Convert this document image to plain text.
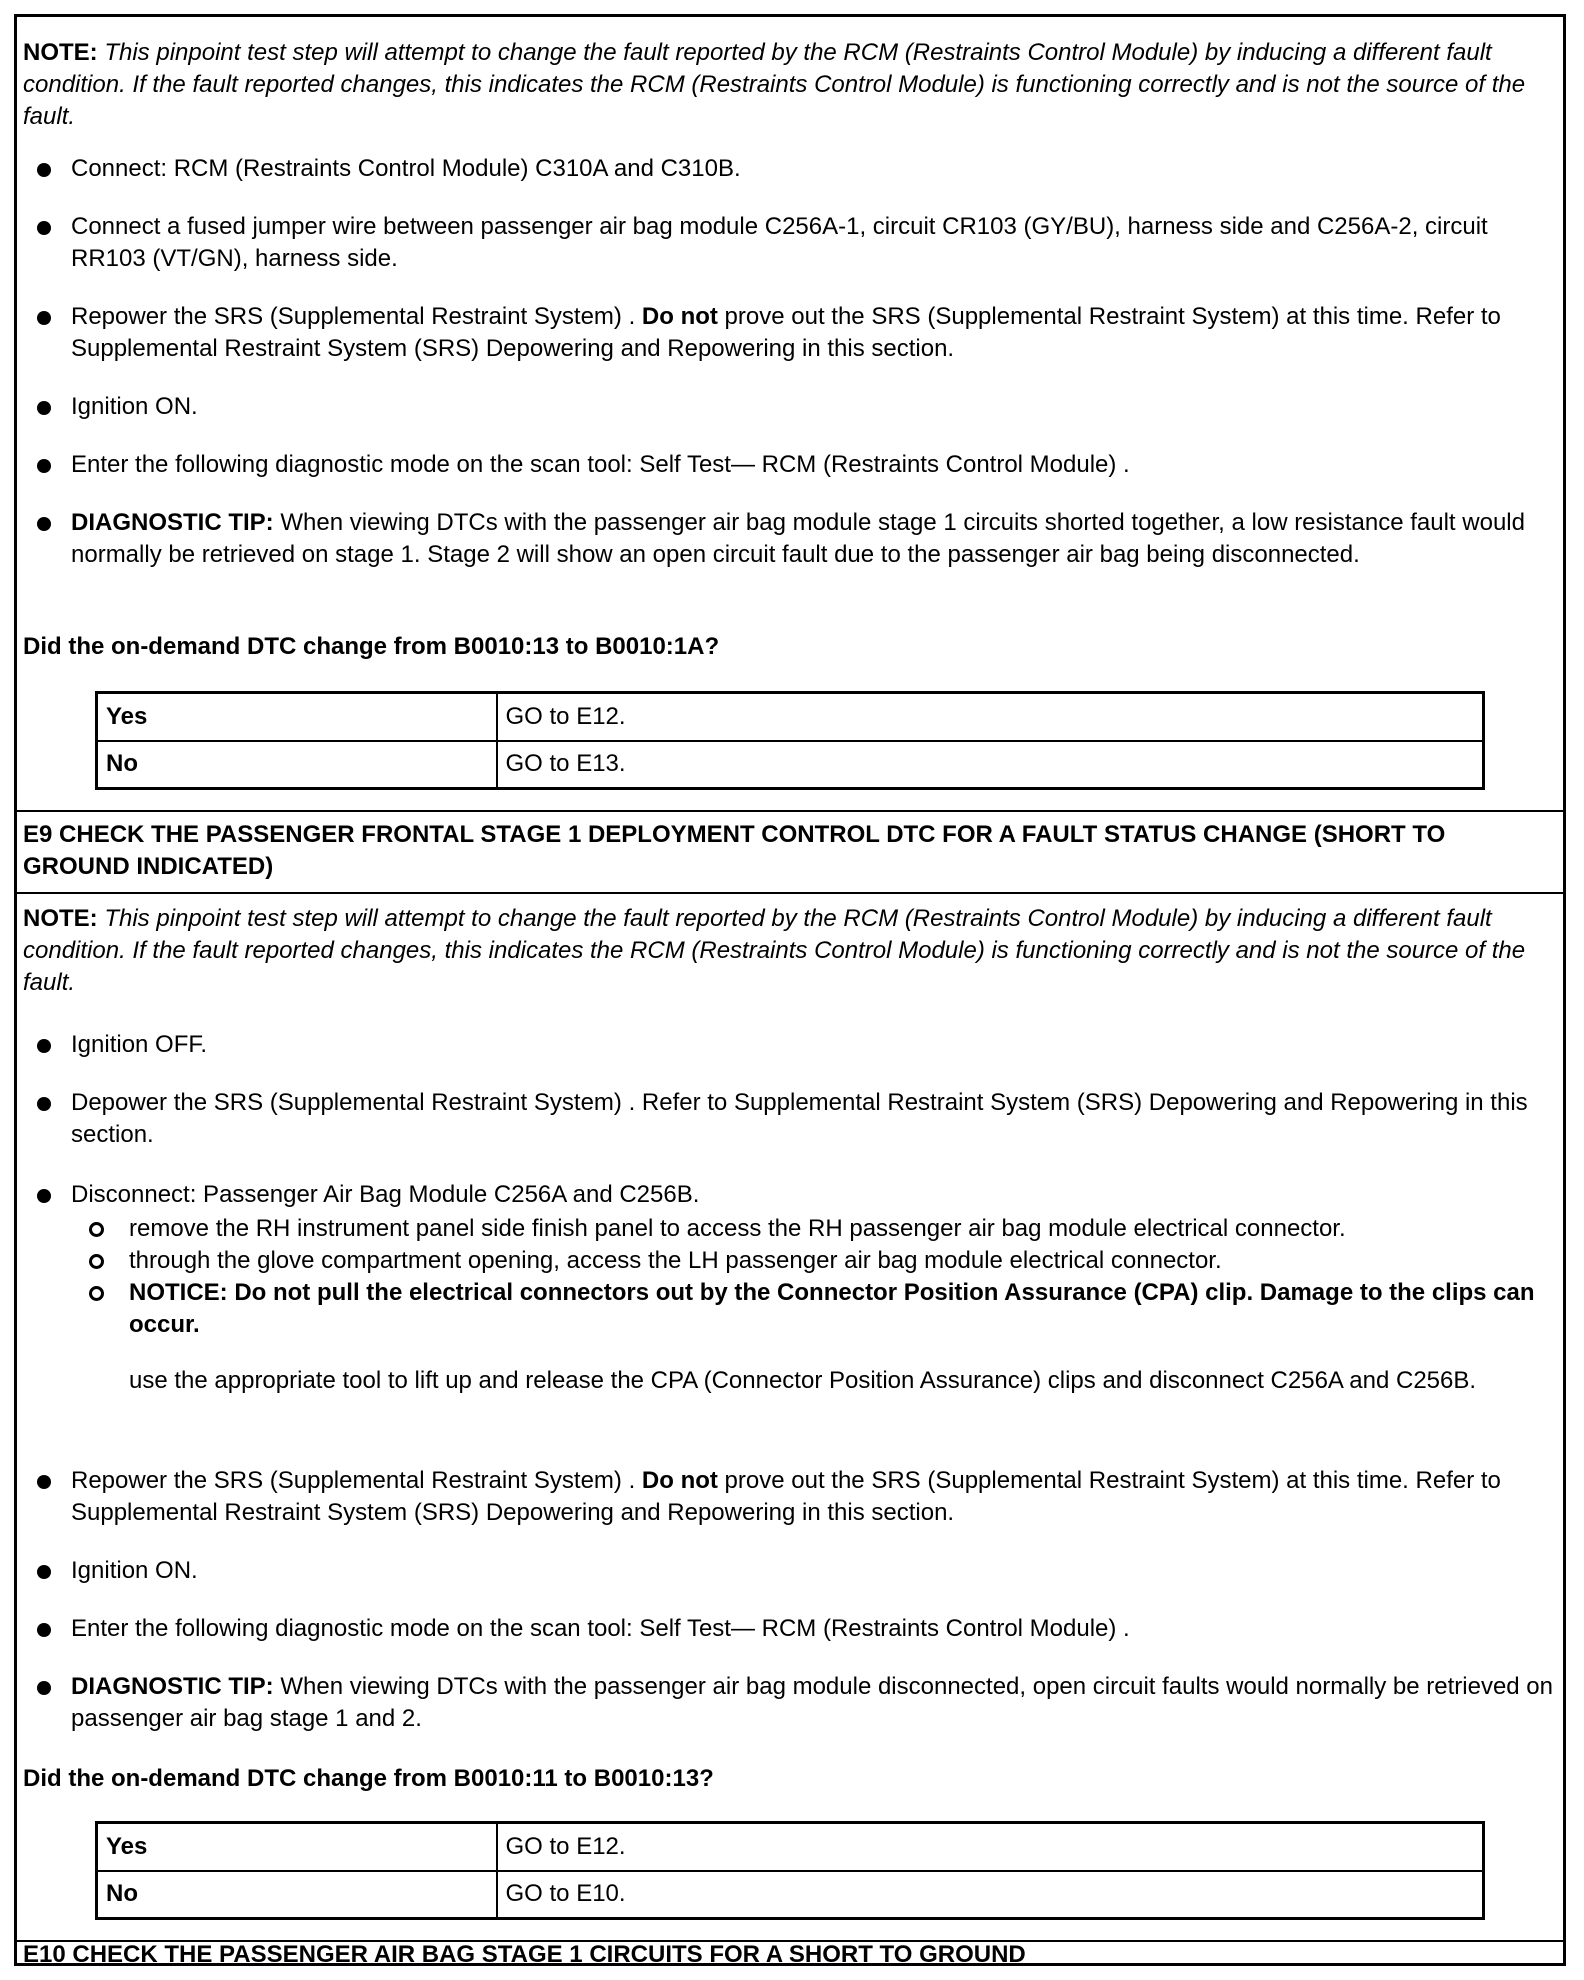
NOTE: This pinpoint test step will attempt to change the fault reported by the RCM (Restraints Control Module) by inducing a different fault condition. If the fault reported changes, this indicates the RCM (Restraints Control Module) is functioning correctly and is not the source of the fault.
Connect: RCM (Restraints Control Module) C310A and C310B.
Connect a fused jumper wire between passenger air bag module C256A-1, circuit CR103 (GY/BU), harness side and C256A-2, circuit RR103 (VT/GN), harness side.
Repower the SRS (Supplemental Restraint System) . Do not prove out the SRS (Supplemental Restraint System) at this time. Refer to Supplemental Restraint System (SRS) Depowering and Repowering in this section.
Ignition ON.
Enter the following diagnostic mode on the scan tool: Self Test— RCM (Restraints Control Module) .
DIAGNOSTIC TIP: When viewing DTCs with the passenger air bag module stage 1 circuits shorted together, a low resistance fault would normally be retrieved on stage 1. Stage 2 will show an open circuit fault due to the passenger air bag being disconnected.
Did the on-demand DTC change from B0010:13 to B0010:1A?
Yes	GO to E12.
No	GO to E13.
E9 CHECK THE PASSENGER FRONTAL STAGE 1 DEPLOYMENT CONTROL DTC FOR A FAULT STATUS CHANGE (SHORT TO GROUND INDICATED)
NOTE: This pinpoint test step will attempt to change the fault reported by the RCM (Restraints Control Module) by inducing a different fault condition. If the fault reported changes, this indicates the RCM (Restraints Control Module) is functioning correctly and is not the source of the fault.
Ignition OFF.
Depower the SRS (Supplemental Restraint System) . Refer to Supplemental Restraint System (SRS) Depowering and Repowering in this section.
Disconnect: Passenger Air Bag Module C256A and C256B.
remove the RH instrument panel side finish panel to access the RH passenger air bag module electrical connector.
through the glove compartment opening, access the LH passenger air bag module electrical connector.
NOTICE: Do not pull the electrical connectors out by the Connector Position Assurance (CPA) clip. Damage to the clips can occur.
use the appropriate tool to lift up and release the CPA (Connector Position Assurance) clips and disconnect C256A and C256B.
Repower the SRS (Supplemental Restraint System) . Do not prove out the SRS (Supplemental Restraint System) at this time. Refer to Supplemental Restraint System (SRS) Depowering and Repowering in this section.
Ignition ON.
Enter the following diagnostic mode on the scan tool: Self Test— RCM (Restraints Control Module) .
DIAGNOSTIC TIP: When viewing DTCs with the passenger air bag module disconnected, open circuit faults would normally be retrieved on passenger air bag stage 1 and 2.
Did the on-demand DTC change from B0010:11 to B0010:13?
Yes	GO to E12.
No	GO to E10.
E10 CHECK THE PASSENGER AIR BAG STAGE 1 CIRCUITS FOR A SHORT TO GROUND
